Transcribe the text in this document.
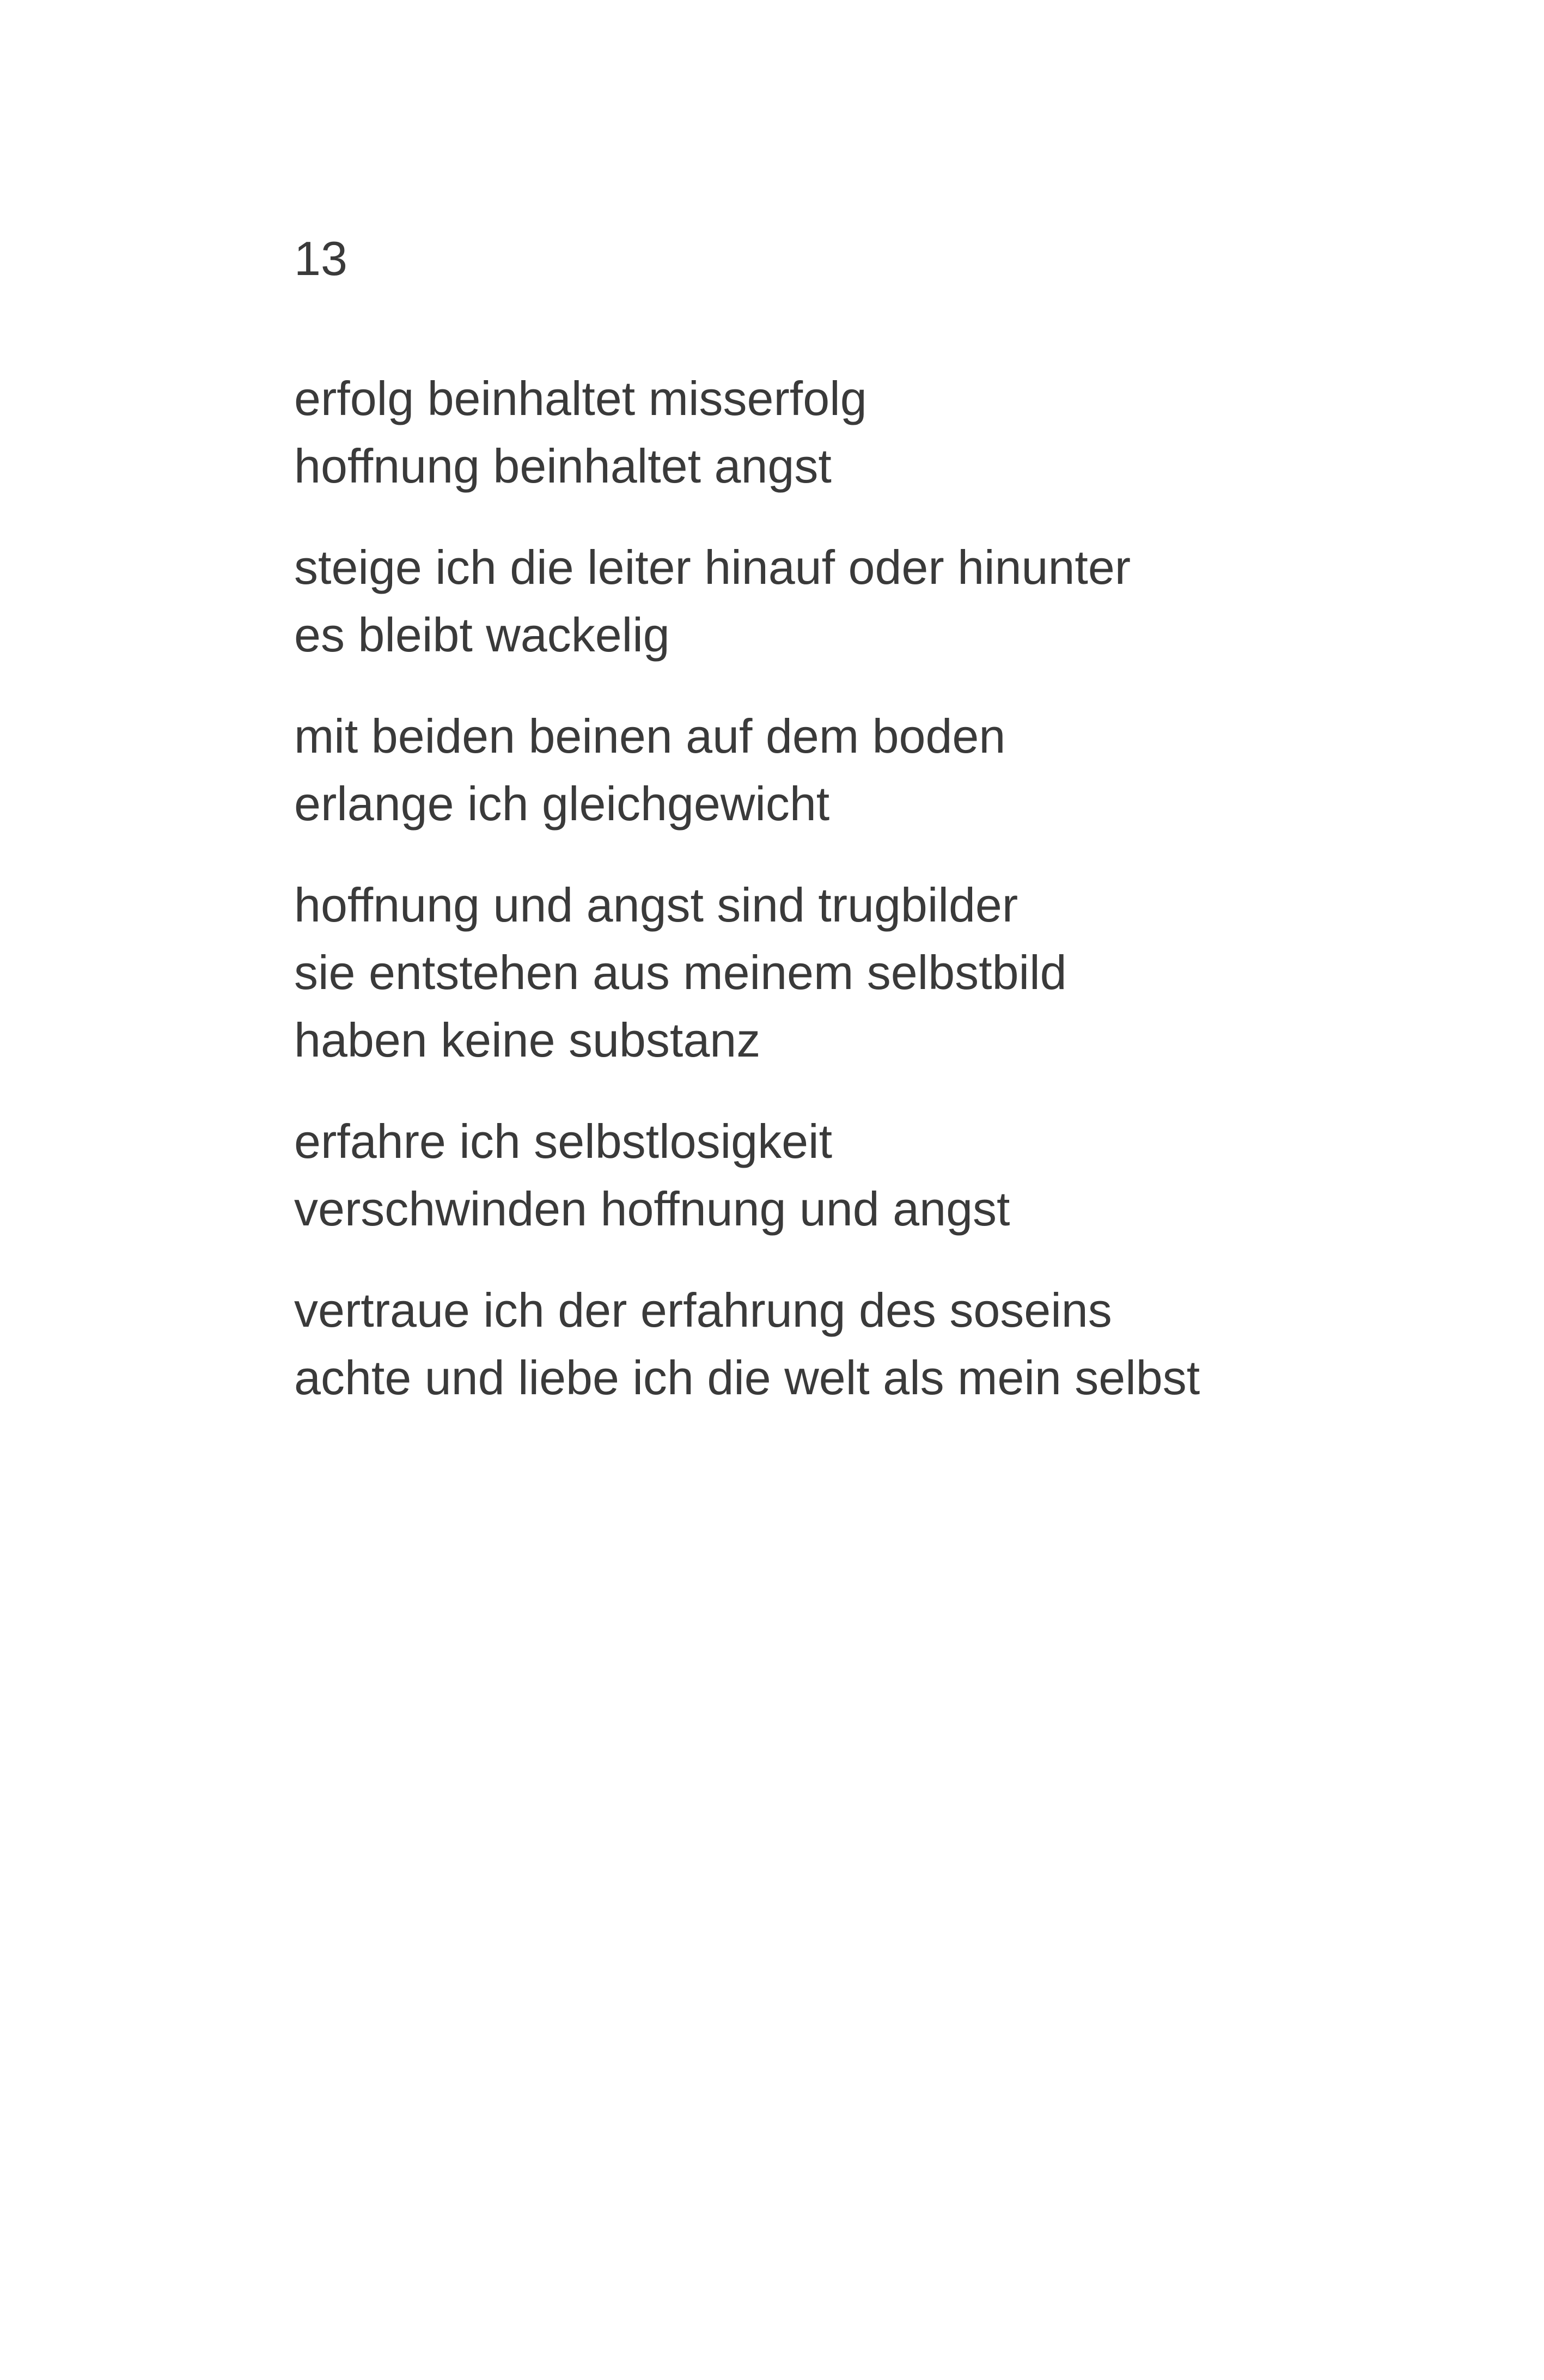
13

erfolg beinhaltet misserfolg
hoffnung beinhaltet angst
steige ich die leiter hinauf oder hinunter
es bleibt wackelig
mit beiden beinen auf dem boden
erlange ich gleichgewicht
hoffnung und angst sind trugbilder
sie entstehen aus meinem selbstbild
haben keine substanz
erfahre ich selbstlosigkeit
verschwinden hoffnung und angst
vertraue ich der erfahrung des soseins
achte und liebe ich die welt als mein selbst
